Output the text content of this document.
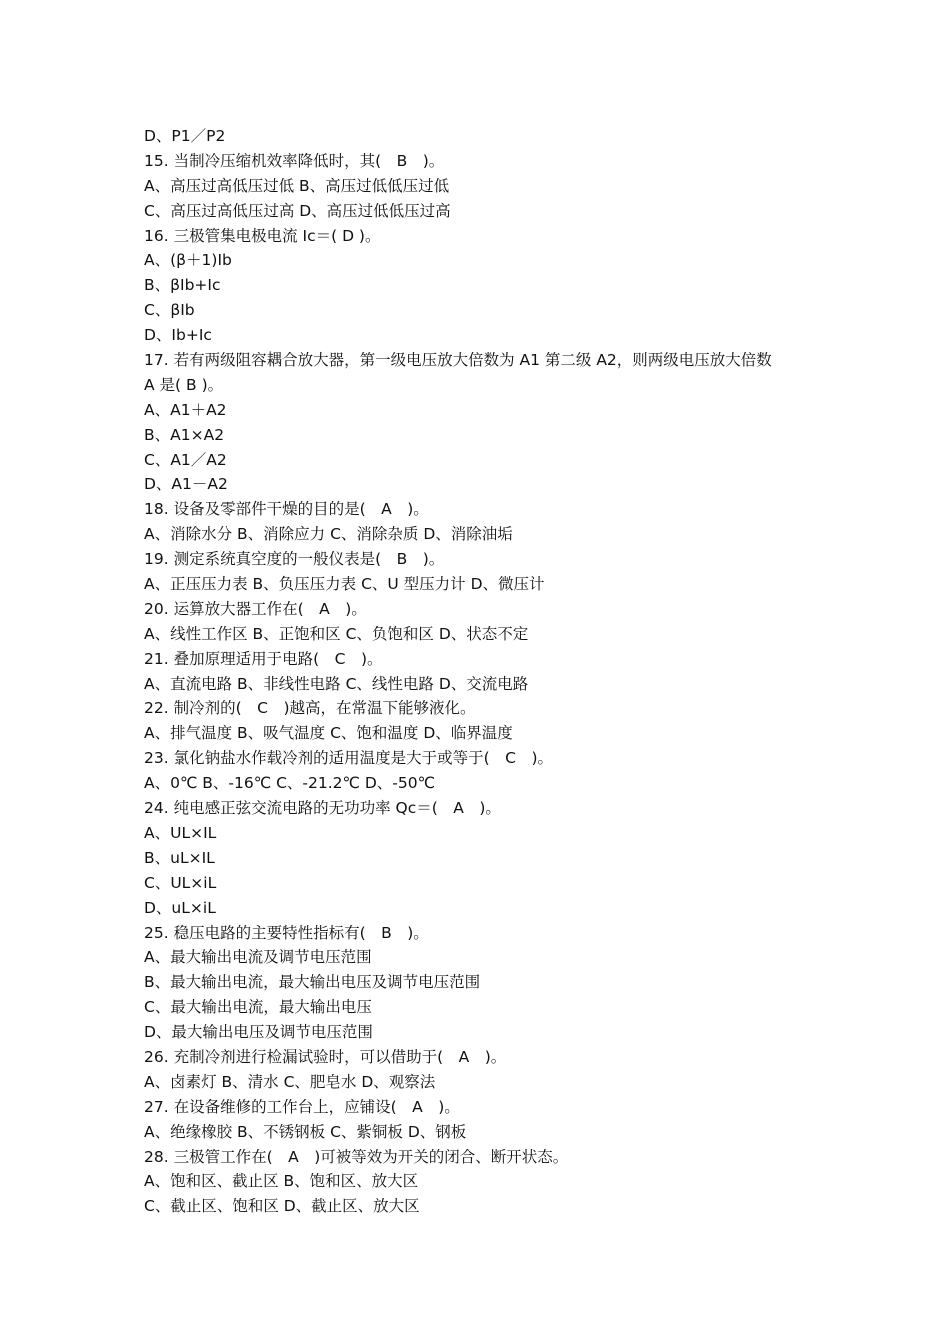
D、P1／P2
15. 当制冷压缩机效率降低时，其(　B　)。
A、高压过高低压过低 B、高压过低低压过低
C、高压过高低压过高 D、高压过低低压过高
16. 三极管集电极电流 Ic＝( D )。
A、(β＋1)Ib
B、βIb+Ic
C、βIb
D、Ib+Ic
17. 若有两级阻容耦合放大器，第一级电压放大倍数为 A1 第二级 A2，则两级电压放大倍数
A 是( B )。
A、A1＋A2
B、A1×A2
C、A1／A2
D、A1－A2
18. 设备及零部件干燥的目的是(　A　)。
A、消除水分 B、消除应力 C、消除杂质 D、消除油垢
19. 测定系统真空度的一般仪表是(　B　)。
A、正压压力表 B、负压压力表 C、U 型压力计 D、微压计
20. 运算放大器工作在(　A　)。
A、线性工作区 B、正饱和区 C、负饱和区 D、状态不定
21. 叠加原理适用于电路(　C　)。
A、直流电路 B、非线性电路 C、线性电路 D、交流电路
22. 制冷剂的(　C　)越高，在常温下能够液化。
A、排气温度 B、吸气温度 C、饱和温度 D、临界温度
23. 氯化钠盐水作载冷剂的适用温度是大于或等于(　C　)。
A、0℃ B、-16℃ C、-21.2℃ D、-50℃
24. 纯电感正弦交流电路的无功功率 Qc＝(　A　)。
A、UL×IL
B、uL×IL
C、UL×iL
D、uL×iL
25. 稳压电路的主要特性指标有(　B　)。
A、最大输出电流及调节电压范围
B、最大输出电流，最大输出电压及调节电压范围
C、最大输出电流，最大输出电压
D、最大输出电压及调节电压范围
26. 充制冷剂进行检漏试验时，可以借助于(　A　)。
A、卤素灯 B、清水 C、肥皂水 D、观察法
27. 在设备维修的工作台上，应铺设(　A　)。
A、绝缘橡胶 B、不锈钢板 C、紫铜板 D、钢板
28. 三极管工作在(　A　)可被等效为开关的闭合、断开状态。
A、饱和区、截止区 B、饱和区、放大区
C、截止区、饱和区 D、截止区、放大区
